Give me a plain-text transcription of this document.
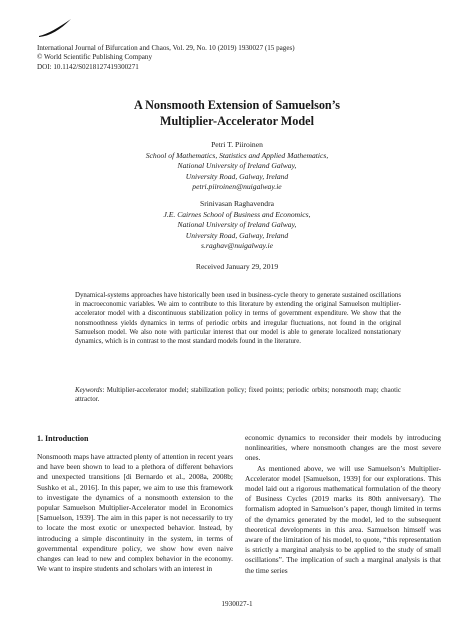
International Journal of Bifurcation and Chaos, Vol. 29, No. 10 (2019) 1930027 (15 pages)
© World Scientific Publishing Company
DOI: 10.1142/S0218127419300271
A Nonsmooth Extension of Samuelson’s
Multiplier-Accelerator Model
Petri T. Piiroinen
School of Mathematics, Statistics and Applied Mathematics,
National University of Ireland Galway,
University Road, Galway, Ireland
petri.piiroinen@nuigalway.ie
Srinivasan Raghavendra
J.E. Cairnes School of Business and Economics,
National University of Ireland Galway,
University Road, Galway, Ireland
s.raghav@nuigalway.ie
Received January 29, 2019
Dynamical-systems approaches have historically been used in business-cycle theory to generate sustained oscillations in macroeconomic variables. We aim to contribute to this literature by extending the original Samuelson multiplier-accelerator model with a discontinuous stabilization policy in terms of government expenditure. We show that the nonsmoothness yields dynamics in terms of periodic orbits and irregular fluctuations, not found in the original Samuelson model. We also note with particular interest that our model is able to generate localized nonstationary dynamics, which is in contrast to the most standard models found in the literature.
Keywords: Multiplier-accelerator model; stabilization policy; fixed points; periodic orbits; nonsmooth map; chaotic attractor.
1. Introduction

Nonsmooth maps have attracted plenty of attention in recent years and have been shown to lead to a plethora of different behaviors and unexpected transitions [di Bernardo et al., 2008a, 2008b; Sushko et al., 2016]. In this paper, we aim to use this framework to investigate the dynamics of a nonsmooth extension to the popular Samuelson Multiplier-Accelerator model in Economics [Samuelson, 1939]. The aim in this paper is not necessarily to try to locate the most exotic or unexpected behavior. Instead, by introducing a simple discontinuity in the system, in terms of governmental expenditure policy, we show how even naive changes can lead to new and complex behavior in the economy. We want to inspire students and scholars with an interest in

economic dynamics to reconsider their models by introducing nonlinearities, where nonsmooth changes are the most severe ones.

As mentioned above, we will use Samuelson’s Multiplier-Accelerator model [Samuelson, 1939] for our explorations. This model laid out a rigorous mathematical formulation of the theory of Business Cycles (2019 marks its 80th anniversary). The formalism adopted in Samuelson’s paper, though limited in terms of the dynamics generated by the model, led to the subsequent theoretical developments in this area. Samuelson himself was aware of the limitation of his model, to quote, “this representation is strictly a marginal analysis to be applied to the study of small oscillations”. The implication of such a marginal analysis is that the time series

1930027-1
